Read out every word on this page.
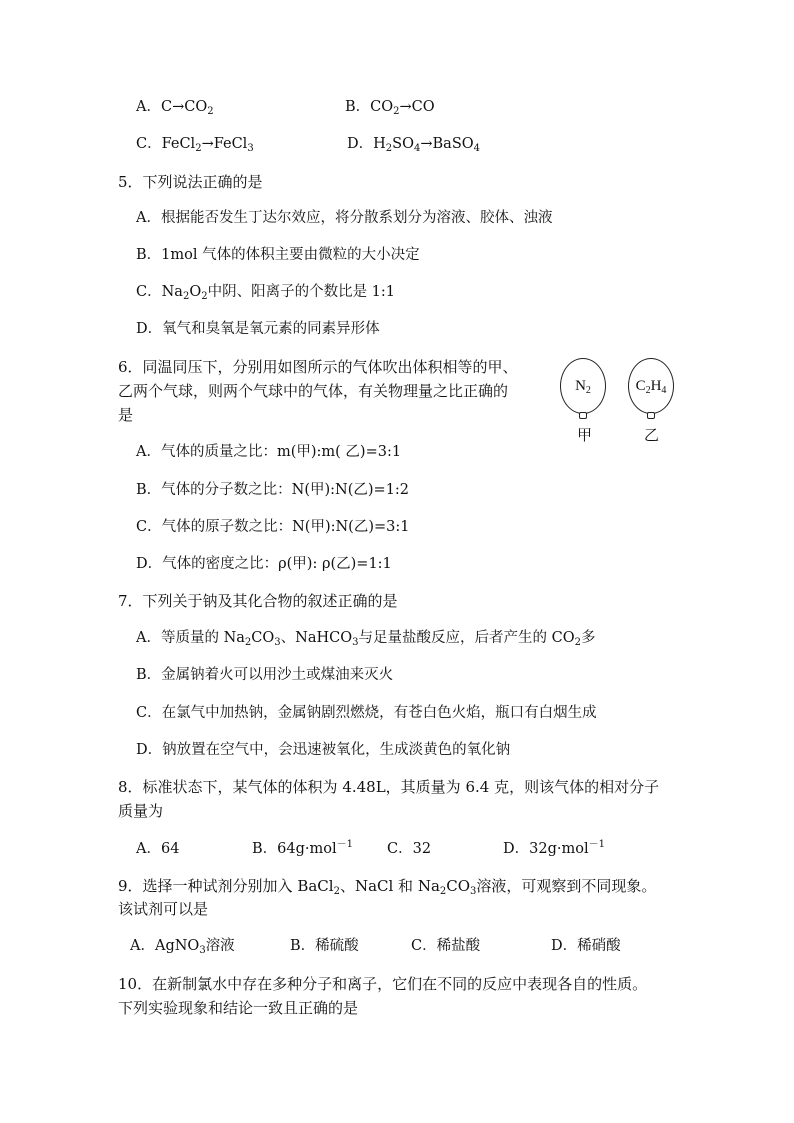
A．$C\to CO_2$	B．$CO_2\to CO$
C．FeCl$_2$→FeCl$_3$	D．$H_2SO_4\to BaSO_4$
5．下列说法正确的是
A．根据能否发生丁达尔效应，将分散系划分为溶液、胶体、浊液
B．1mol 气体的体积主要由微粒的大小决定
C．$Na_2O_2$中阴、阳离子的个数比是 1:1
D．氧气和臭氧是氧元素的同素异形体
6．同温同压下，分别用如图所示的气体吹出体积相等的甲、
乙两个气球，则两个气球中的气体，有关物理量之比正确的
是
$N_2$
甲
$C_2H_4$
乙
A．气体的质量之比：m(甲):m( 乙)=3:1
B．气体的分子数之比：N(甲):N(乙)=1:2
C．气体的原子数之比：N(甲):N(乙)=3:1
D．气体的密度之比：ρ(甲): ρ(乙)=1:1
7．下列关于钠及其化合物的叙述正确的是
A．等质量的 $Na_2CO_3$、NaHCO$_3$与足量盐酸反应，后者产生的 $CO_2$多
B．金属钠着火可以用沙土或煤油来灭火
C．在氯气中加热钠，金属钠剧烈燃烧，有苍白色火焰，瓶口有白烟生成
D．钠放置在空气中，会迅速被氧化，生成淡黄色的氧化钠
8．标准状态下，某气体的体积为 4.48L，其质量为 6.4 克，则该气体的相对分子
质量为
A．64	B．64g·mol$^{-1}$ C．32	D．32g·mol$^{-1}$
9．选择一种试剂分别加入 BaCl$_2$、NaCl 和 $Na_2CO_3$溶液，可观察到不同现象。
该试剂可以是
A．AgNO$_3$溶液	B．稀硫酸	C．稀盐酸	D．稀硝酸
10．在新制氯水中存在多种分子和离子，它们在不同的反应中表现各自的性质。
下列实验现象和结论一致且正确的是
